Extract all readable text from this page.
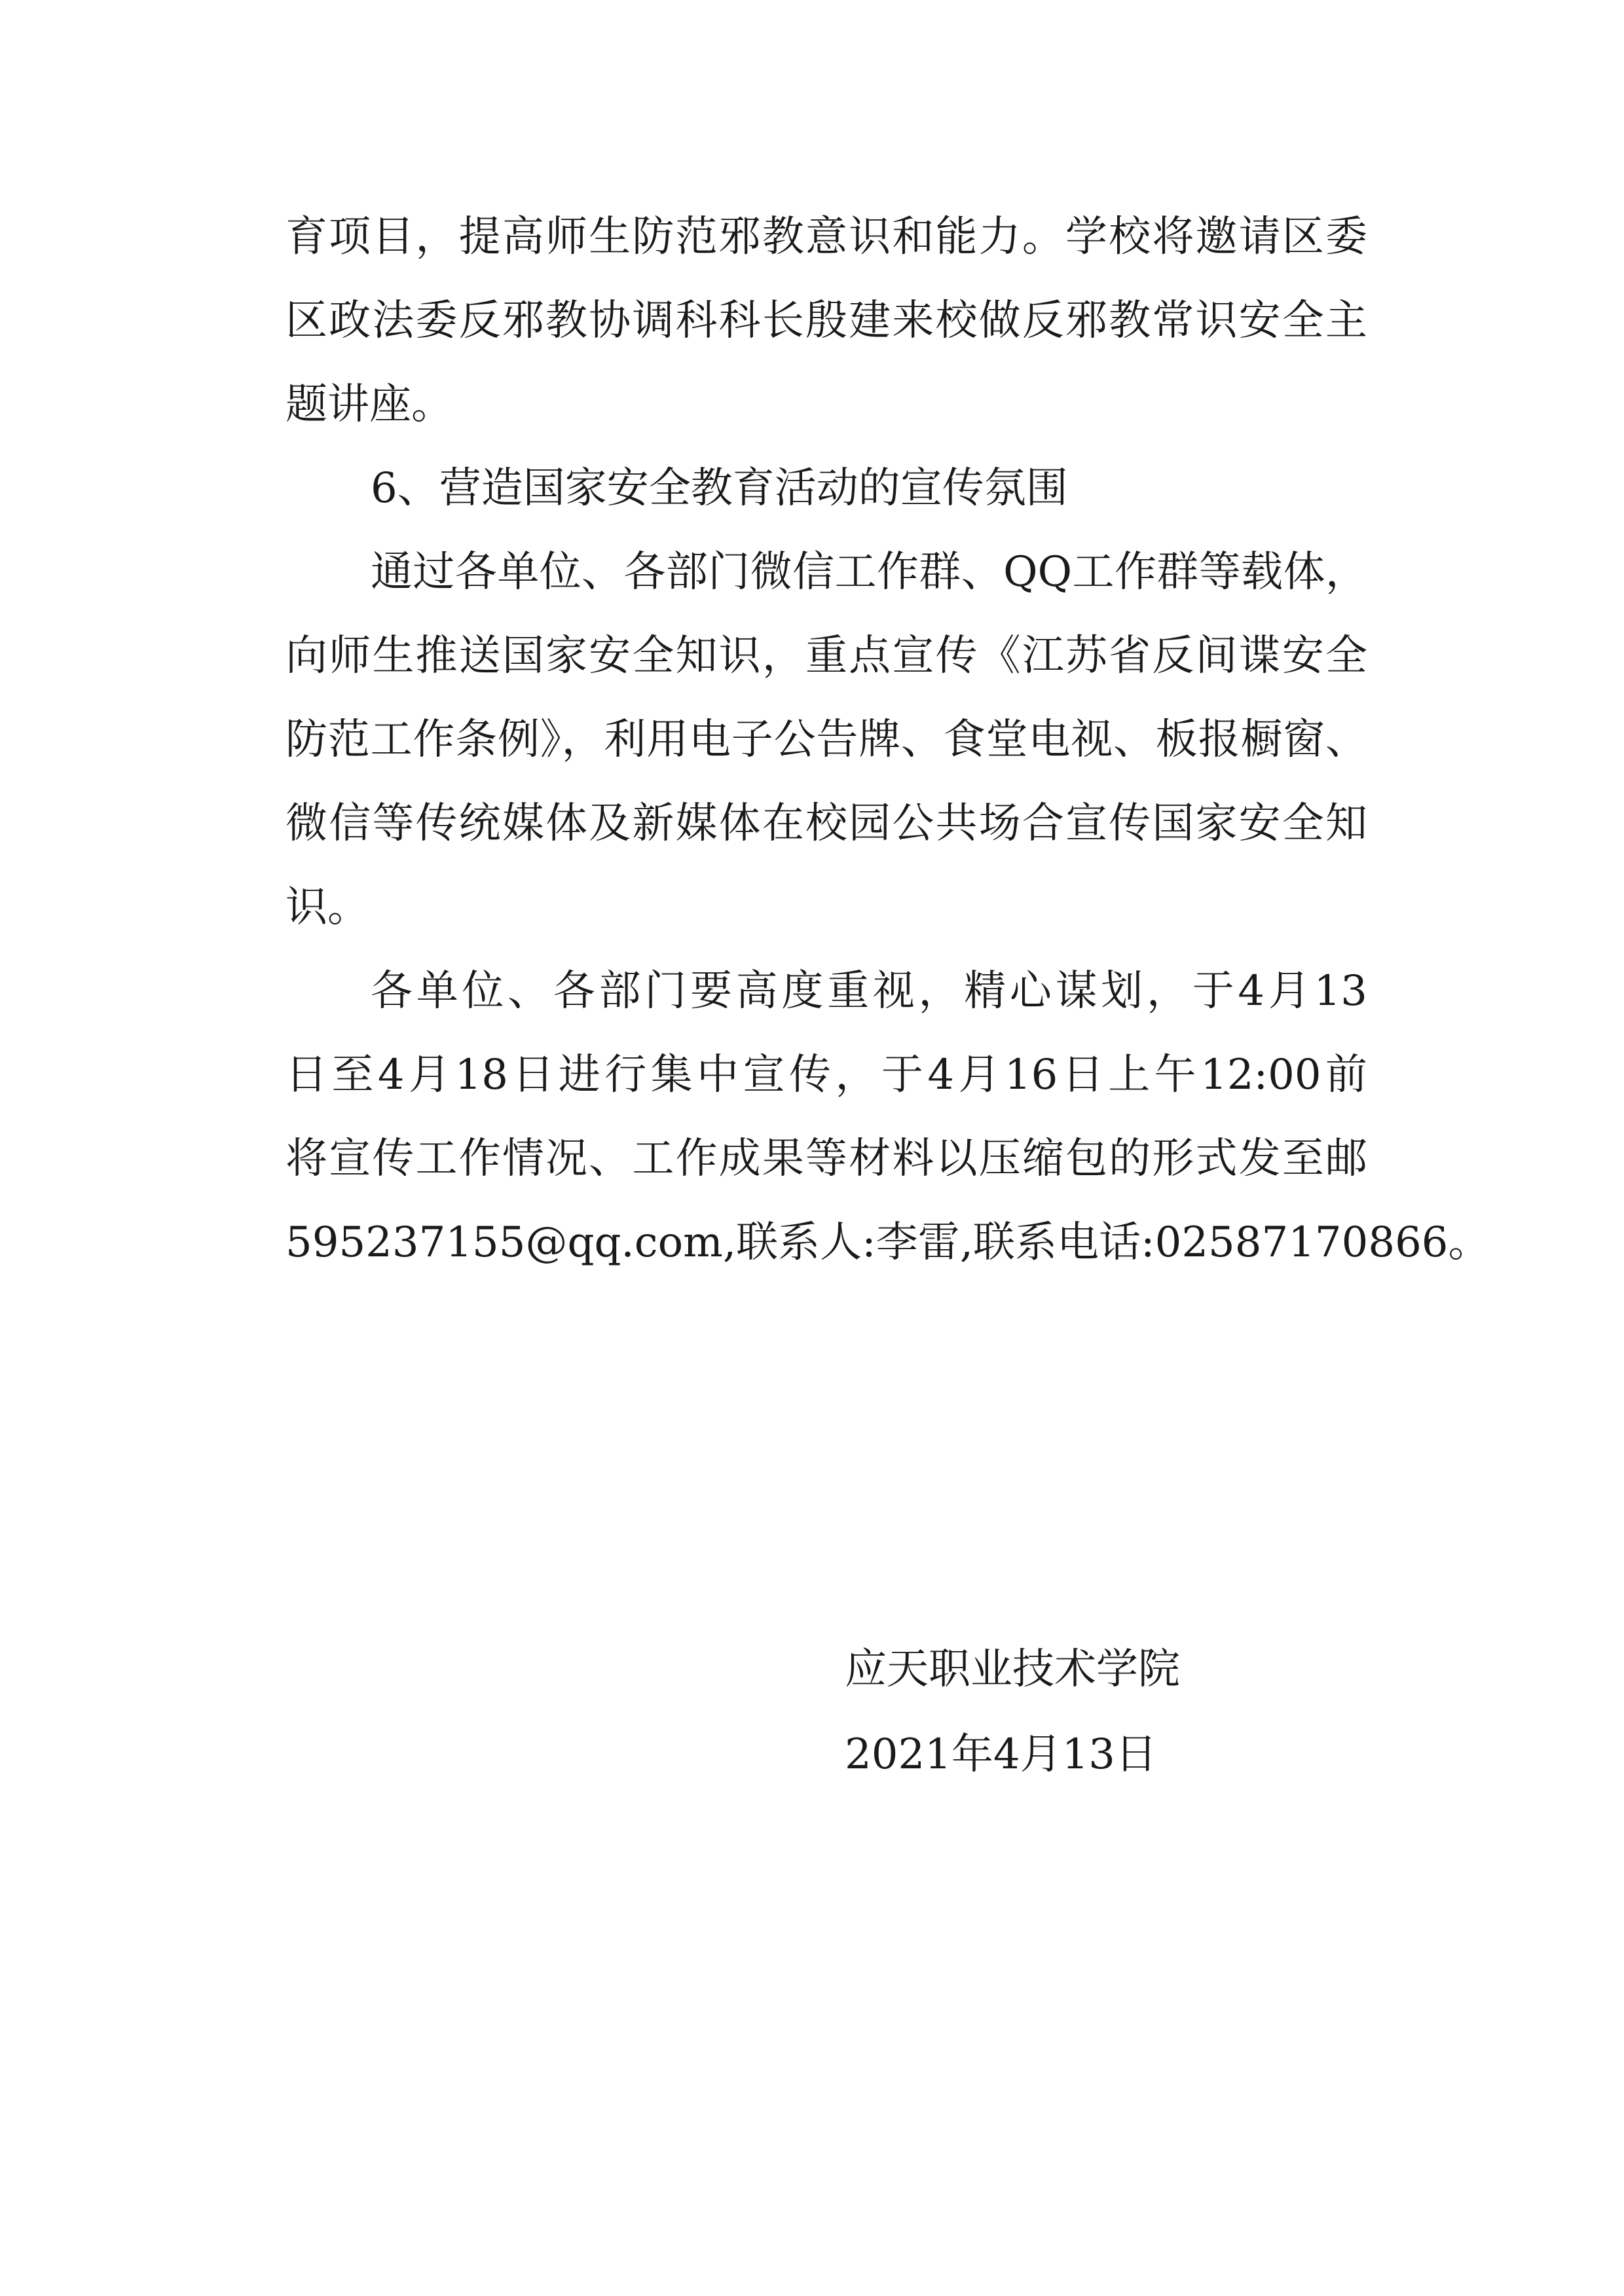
育项目，提高师生防范邪教意识和能力。学校将邀请区委
区政法委反邪教协调科科长殷建来校做反邪教常识安全主
题讲座。
6、营造国家安全教育活动的宣传氛围
通过各单位、各部门微信工作群、QQ工作群等载体，
向师生推送国家安全知识，重点宣传《江苏省反间谍安全
防范工作条例》，利用电子公告牌、食堂电视、板报橱窗、
微信等传统媒体及新媒体在校园公共场合宣传国家安全知
识。
各单位、各部门要高度重视，精心谋划，于4月13
日至4月18日进行集中宣传，于4月16日上午12:00前
将宣传工作情况、工作成果等材料以压缩包的形式发至邮
595237155@qq.com,联系人:李雷,联系电话:02587170866。
应天职业技术学院
2021年4月13日
